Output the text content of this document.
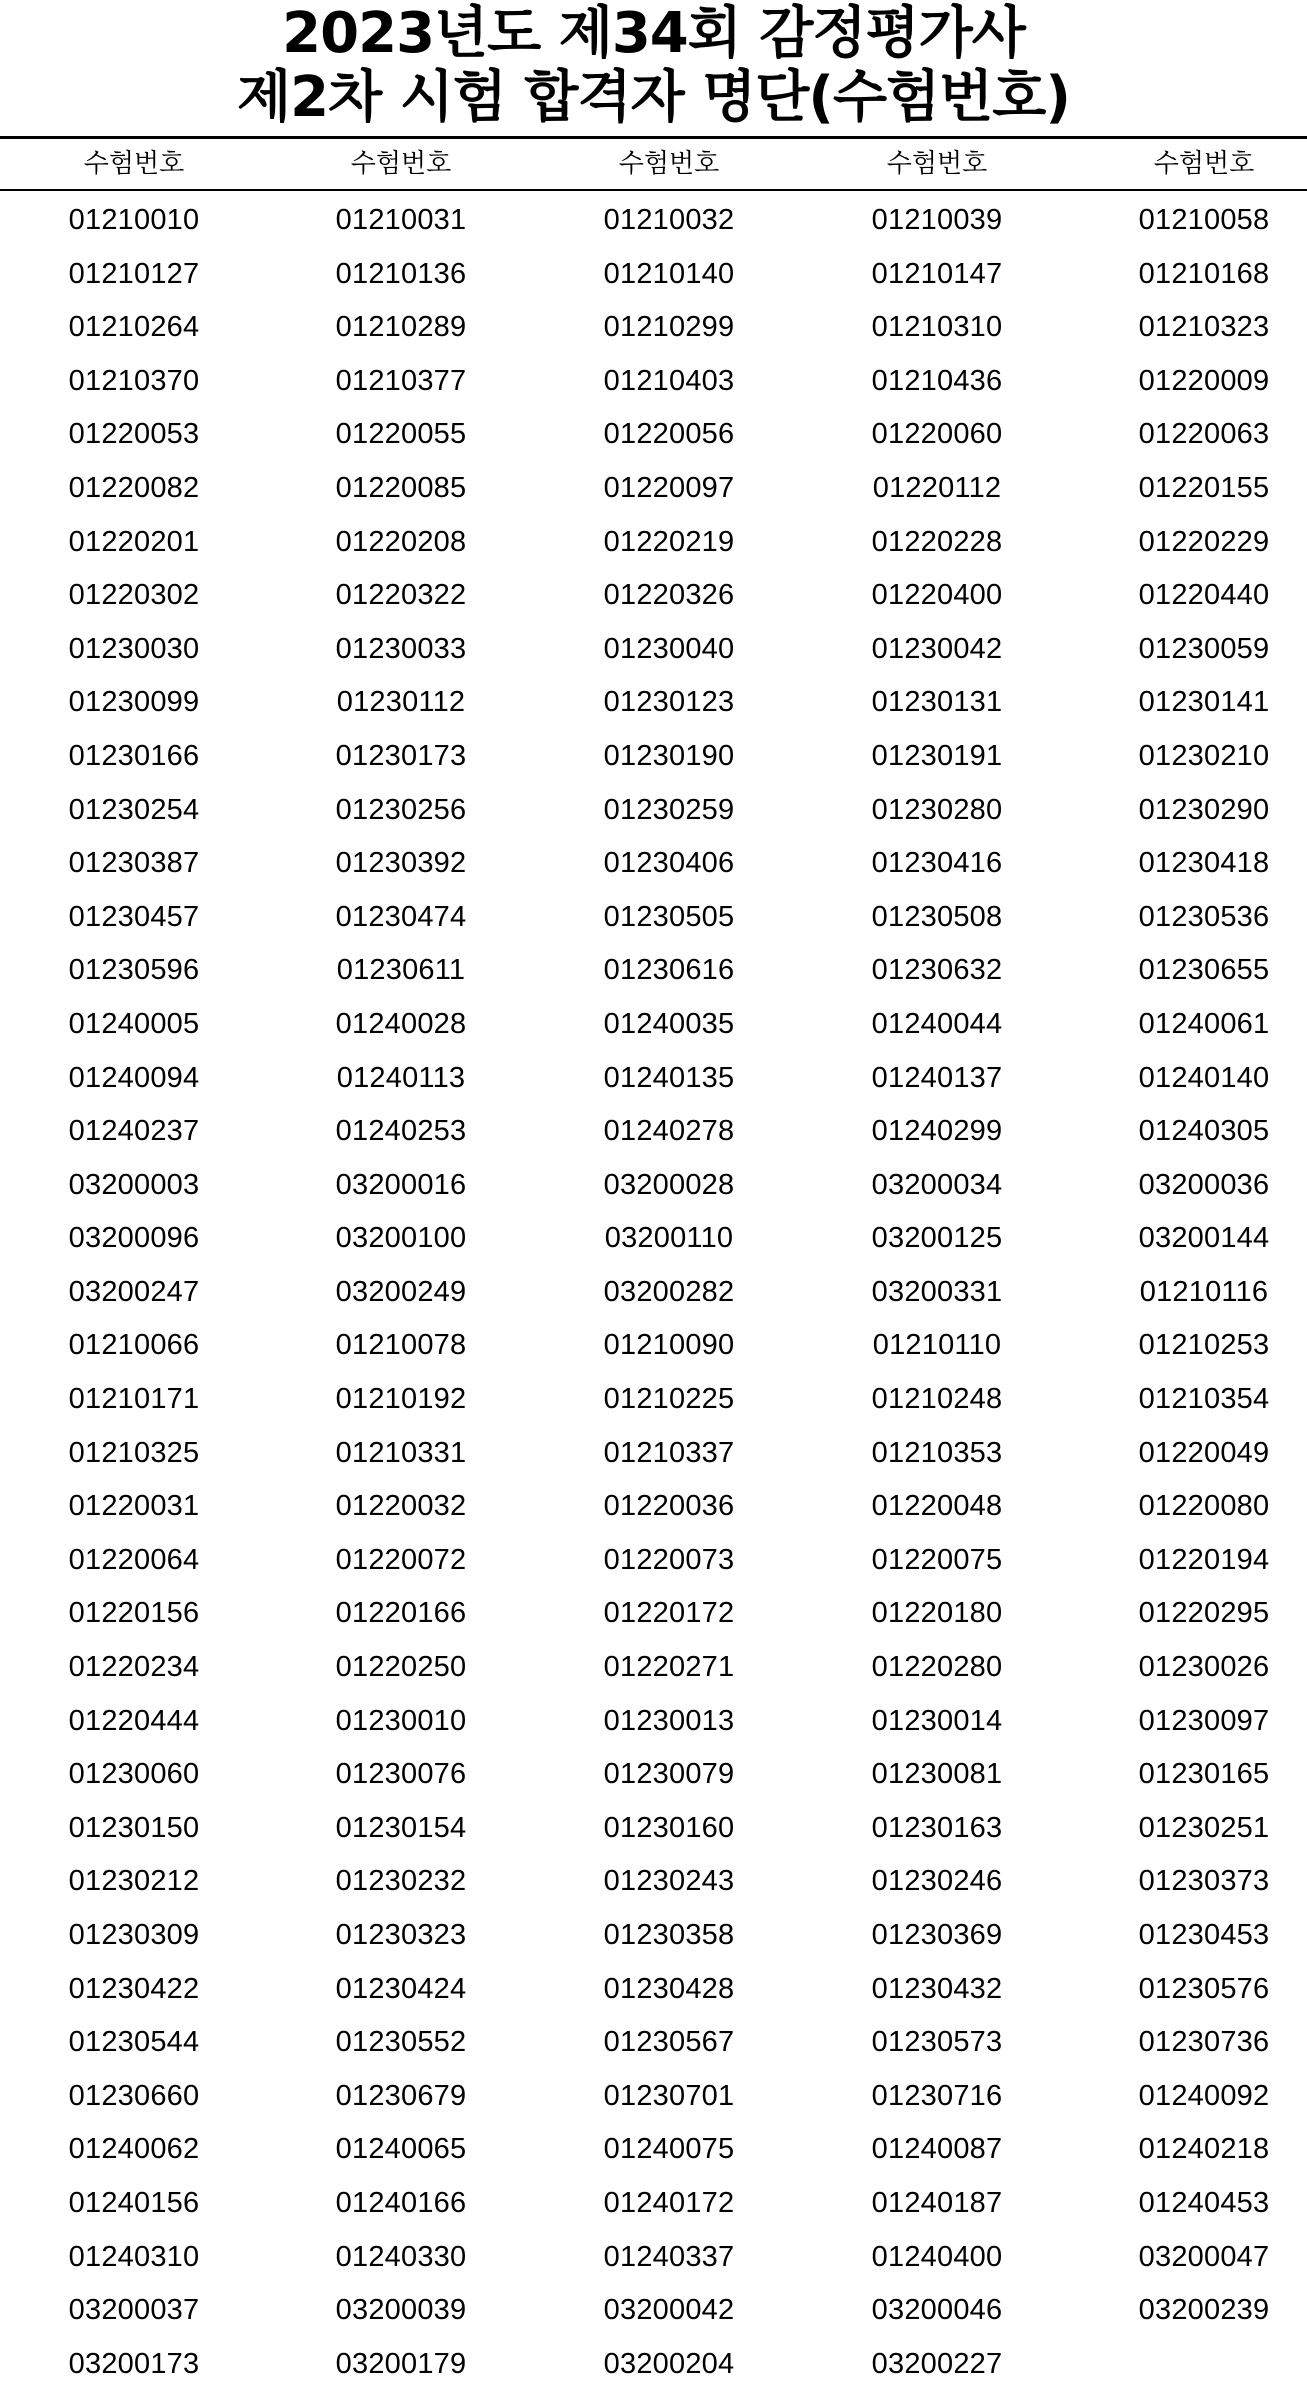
2023년도 제34회 감정평가사
제2차 시험 합격자 명단(수험번호)
수험번호	수험번호	수험번호	수험번호	수험번호
01210010	01210031	01210032	01210039	01210058
01210127	01210136	01210140	01210147	01210168
01210264	01210289	01210299	01210310	01210323
01210370	01210377	01210403	01210436	01220009
01220053	01220055	01220056	01220060	01220063
01220082	01220085	01220097	01220112	01220155
01220201	01220208	01220219	01220228	01220229
01220302	01220322	01220326	01220400	01220440
01230030	01230033	01230040	01230042	01230059
01230099	01230112	01230123	01230131	01230141
01230166	01230173	01230190	01230191	01230210
01230254	01230256	01230259	01230280	01230290
01230387	01230392	01230406	01230416	01230418
01230457	01230474	01230505	01230508	01230536
01230596	01230611	01230616	01230632	01230655
01240005	01240028	01240035	01240044	01240061
01240094	01240113	01240135	01240137	01240140
01240237	01240253	01240278	01240299	01240305
03200003	03200016	03200028	03200034	03200036
03200096	03200100	03200110	03200125	03200144
03200247	03200249	03200282	03200331	01210116
01210066	01210078	01210090	01210110	01210253
01210171	01210192	01210225	01210248	01210354
01210325	01210331	01210337	01210353	01220049
01220031	01220032	01220036	01220048	01220080
01220064	01220072	01220073	01220075	01220194
01220156	01220166	01220172	01220180	01220295
01220234	01220250	01220271	01220280	01230026
01220444	01230010	01230013	01230014	01230097
01230060	01230076	01230079	01230081	01230165
01230150	01230154	01230160	01230163	01230251
01230212	01230232	01230243	01230246	01230373
01230309	01230323	01230358	01230369	01230453
01230422	01230424	01230428	01230432	01230576
01230544	01230552	01230567	01230573	01230736
01230660	01230679	01230701	01230716	01240092
01240062	01240065	01240075	01240087	01240218
01240156	01240166	01240172	01240187	01240453
01240310	01240330	01240337	01240400	03200047
03200037	03200039	03200042	03200046	03200239
03200173	03200179	03200204	03200227
